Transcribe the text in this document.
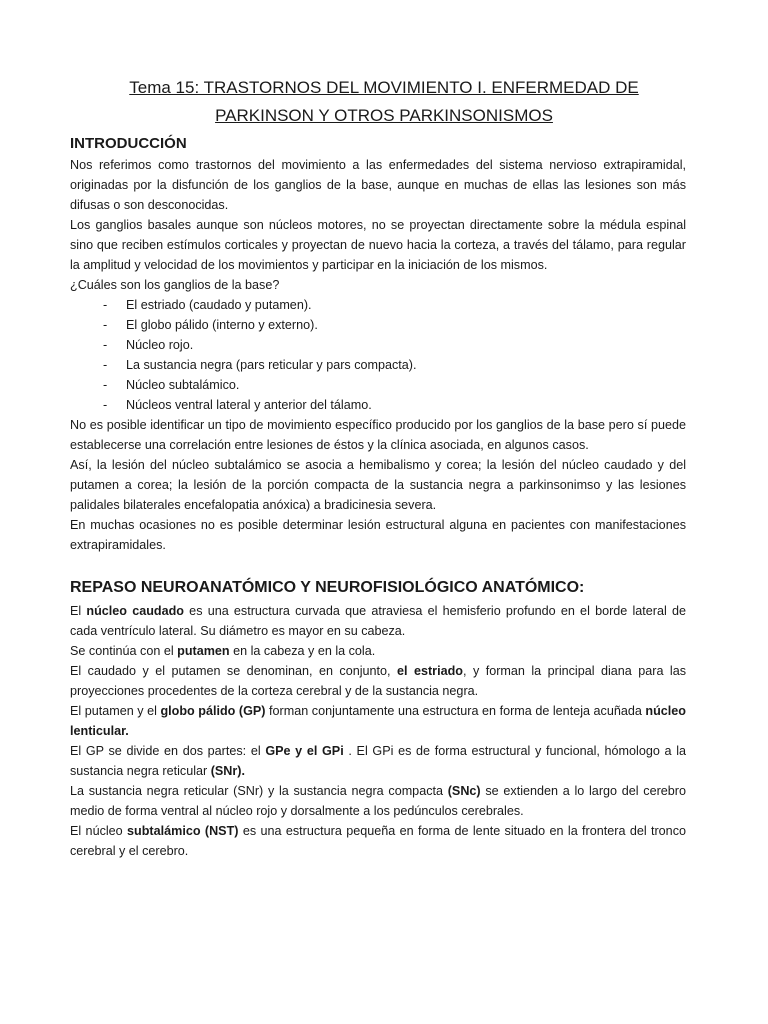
Tema 15: TRASTORNOS DEL MOVIMIENTO I. ENFERMEDAD DE
PARKINSON Y OTROS PARKINSONISMOS
INTRODUCCIÓN

Nos referimos como trastornos del movimiento a las enfermedades del sistema nervioso extrapiramidal, originadas por la disfunción de los ganglios de la base, aunque en muchas de ellas las lesiones son más difusas o son desconocidas.

Los ganglios basales aunque son núcleos motores, no se proyectan directamente sobre la médula espinal sino que reciben estímulos corticales y proyectan de nuevo hacia la corteza, a través del tálamo, para regular la amplitud y velocidad de los movimientos y participar en la iniciación de los mismos.

¿Cuáles son los ganglios de la base?

- El estriado (caudado y putamen).
- El globo pálido (interno y externo).
- Núcleo rojo.
- La sustancia negra (pars reticular y pars compacta).
- Núcleo subtalámico.
- Núcleos ventral lateral y anterior del tálamo.

No es posible identificar un tipo de movimiento específico producido por los ganglios de la base pero sí puede establecerse una correlación entre lesiones de éstos y la clínica asociada, en algunos casos.

Así, la lesión del núcleo subtalámico se asocia a hemibalismo y corea; la lesión del núcleo caudado y del putamen a corea; la lesión de la porción compacta de la sustancia negra a parkinsonimso y las lesiones palidales bilaterales encefalopatia anóxica) a bradicinesia severa.

En muchas ocasiones no es posible determinar lesión estructural alguna en pacientes con manifestaciones extrapiramidales.

REPASO NEUROANATÓMICO Y NEUROFISIOLÓGICO ANATÓMICO:

El núcleo caudado es una estructura curvada que atraviesa el hemisferio profundo en el borde lateral de cada ventrículo lateral. Su diámetro es mayor en su cabeza.

Se continúa con el putamen en la cabeza y en la cola.

El caudado y el putamen se denominan, en conjunto, el estriado, y forman la principal diana para las proyecciones procedentes de la corteza cerebral y de la sustancia negra.

El putamen y el globo pálido (GP) forman conjuntamente una estructura en forma de lenteja acuñada núcleo lenticular.

El GP se divide en dos partes: el GPe y el GPi . El GPi es de forma estructural y funcional, hómologo a la sustancia negra reticular (SNr).

La sustancia negra reticular (SNr) y la sustancia negra compacta (SNc) se extienden a lo largo del cerebro medio de forma ventral al núcleo rojo y dorsalmente a los pedúnculos cerebrales.

El núcleo subtalámico (NST) es una estructura pequeña en forma de lente situado en la frontera del tronco cerebral y el cerebro.
